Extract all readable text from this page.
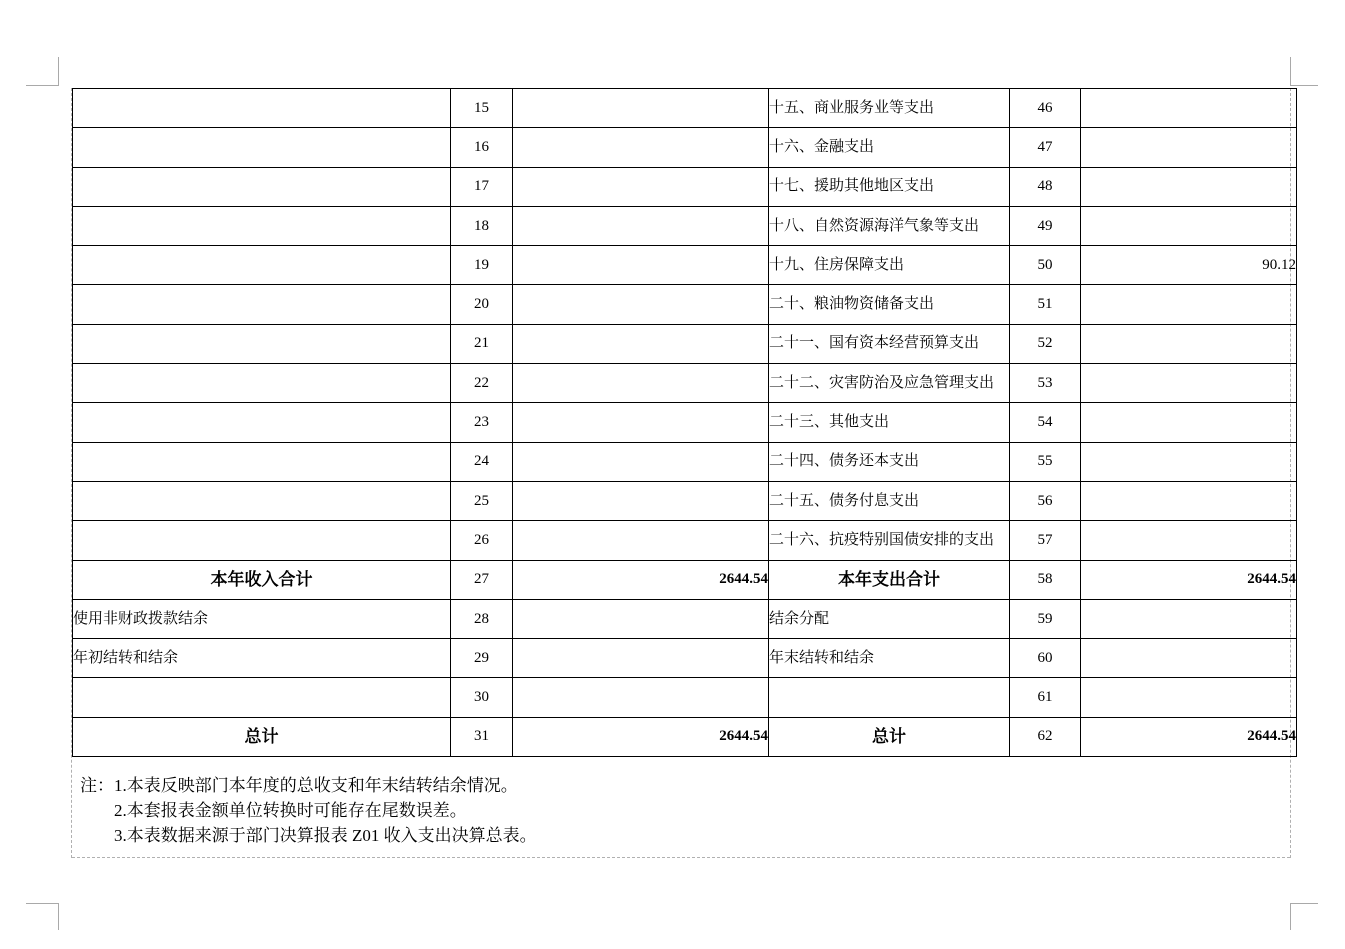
	15		十五、商业服务业等支出	46	
	16		十六、金融支出	47	
	17		十七、援助其他地区支出	48	
	18		十八、自然资源海洋气象等支出	49	
	19		十九、住房保障支出	50	90.12
	20		二十、粮油物资储备支出	51	
	21		二十一、国有资本经营预算支出	52	
	22		二十二、灾害防治及应急管理支出	53	
	23		二十三、其他支出	54	
	24		二十四、债务还本支出	55	
	25		二十五、债务付息支出	56	
	26		二十六、抗疫特别国债安排的支出	57	
本年收入合计	27	2644.54	本年支出合计	58	2644.54
使用非财政拨款结余	28		结余分配	59	
年初结转和结余	29		年末结转和结余	60	
	30			61	
总计	31	2644.54	总计	62	2644.54
注： 1.本表反映部门本年度的总收支和年末结转结余情况。
2.本套报表金额单位转换时可能存在尾数误差。
3.本表数据来源于部门决算报表 Z01 收入支出决算总表。
